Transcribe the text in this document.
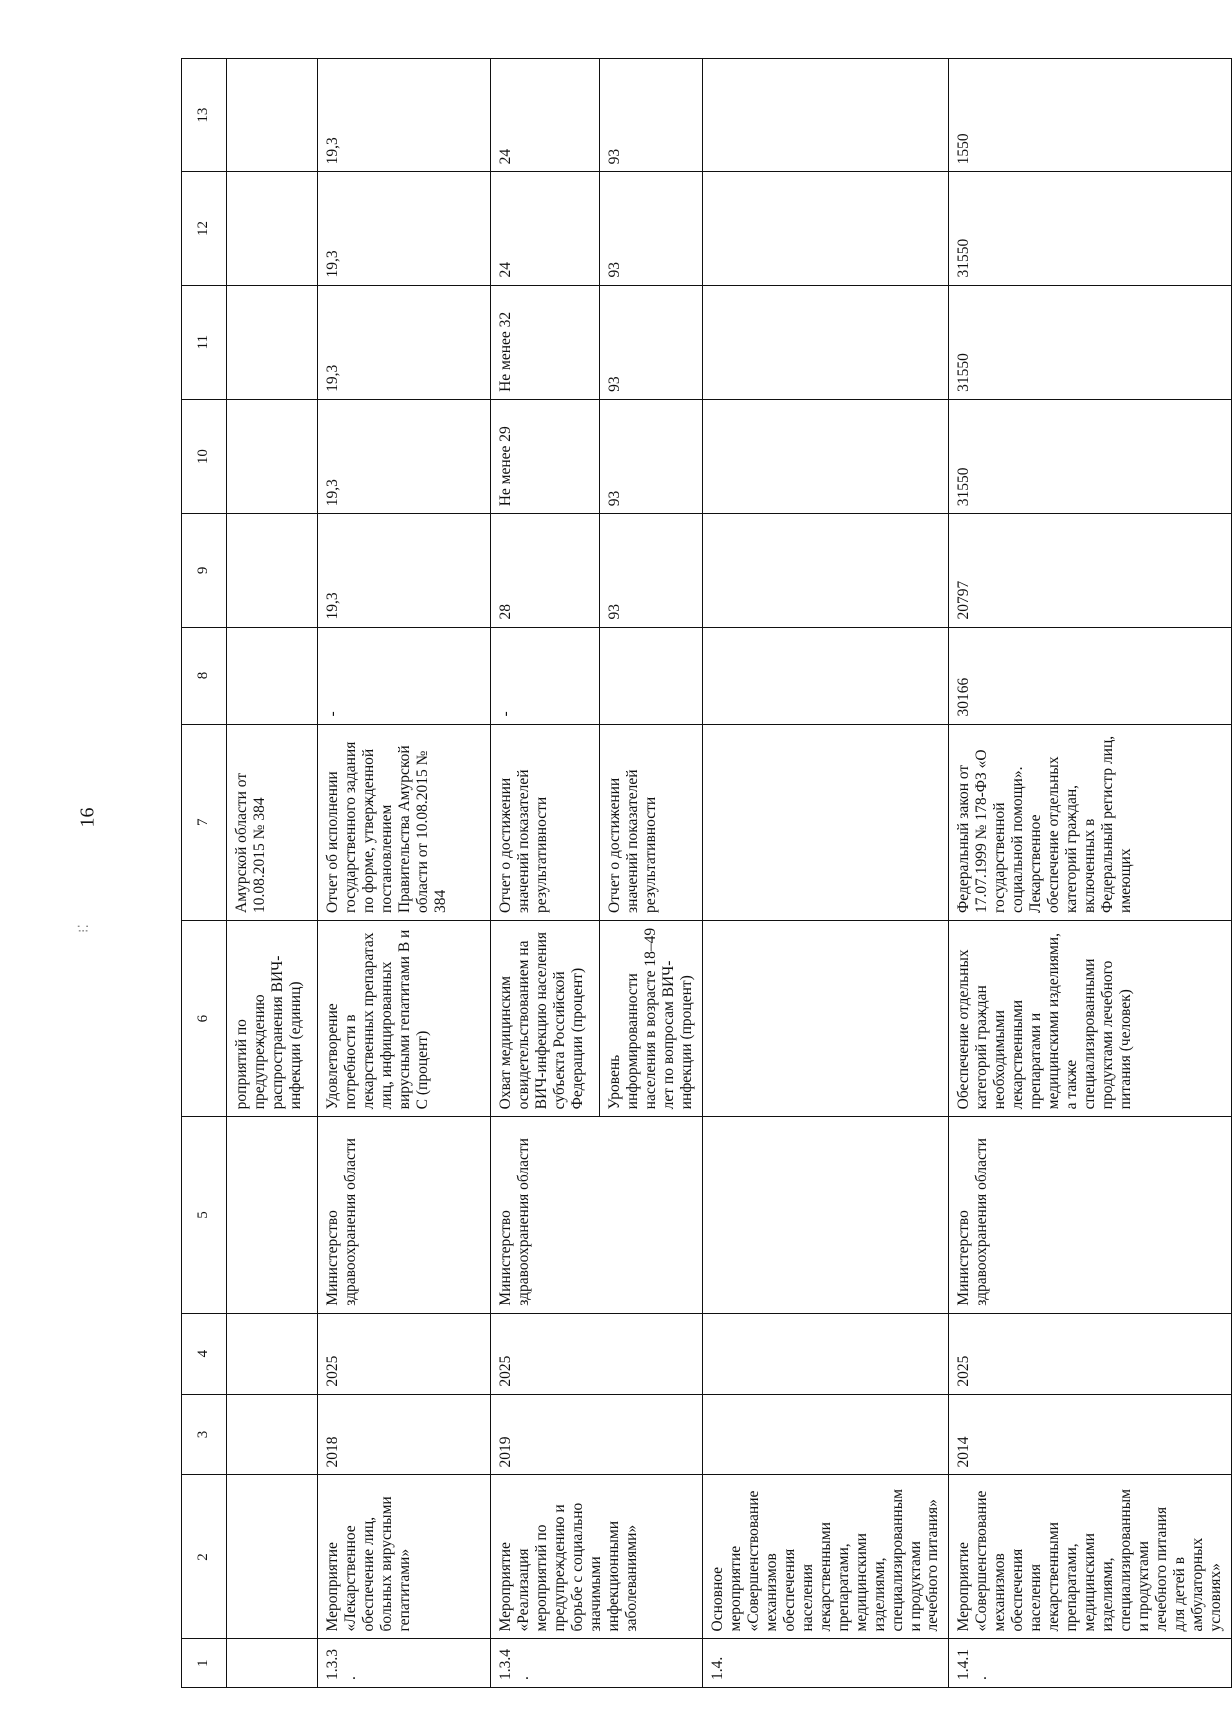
16
⁝⁚
1	2	3	4	5	6	7	8	9	10	11	12	13
					роприятий по предупреждению распространения ВИЧ-инфекции (единиц)	Амурской области от 10.08.2015 № 384						
1.3.3.	Мероприятие «Лекарственное обеспечение лиц, больных вирусными гепатитами»	2018	2025	Министерство здравоохранения области	Удовлетворение потребности в лекарственных препаратах лиц, инфицированных вирусными гепатитами В и С (процент)	Отчет об исполнении государственного задания по форме, утвержденной постановлением Правительства Амурской области от 10.08.2015 № 384	-	19,3	19,3	19,3	19,3	19,3
1.3.4.	Мероприятие «Реализация мероприятий по предупреждению и борьбе с социально значимыми инфекционными заболеваниями»	2019	2025	Министерство здравоохранения области	Охват медицинским освидетельствованием на ВИЧ-инфекцию населения субъекта Российской Федерации (процент)	Отчет о достижении значений показателей результативности	-	28	Не менее 29	Не менее 32	24	24
					Уровень информированности населения в возрасте 18–49 лет по вопросам ВИЧ-инфекции (процент)	Отчет о достижении значений показателей результативности		93	93	93	93	93
1.4.	Основное мероприятие «Совершенствование механизмов обеспечения населения лекарственными препаратами, медицинскими изделиями, специализированными продуктами лечебного питания»											
1.4.1.	Мероприятие «Совершенствование механизмов обеспечения населения лекарственными препаратами, медицинскими изделиями, специализированными продуктами лечебного питания для детей в амбулаторных условиях»	2014	2025	Министерство здравоохранения области	Обеспечение отдельных категорий граждан необходимыми лекарственными препаратами и медицинскими изделиями, а также специализированными продуктами лечебного питания (человек)	Федеральный закон от 17.07.1999 № 178-ФЗ «О государственной социальной помощи». Лекарственное обеспечение отдельных категорий граждан, включенных в Федеральный регистр лиц, имеющих	30166	20797	31550	31550	31550	1550
